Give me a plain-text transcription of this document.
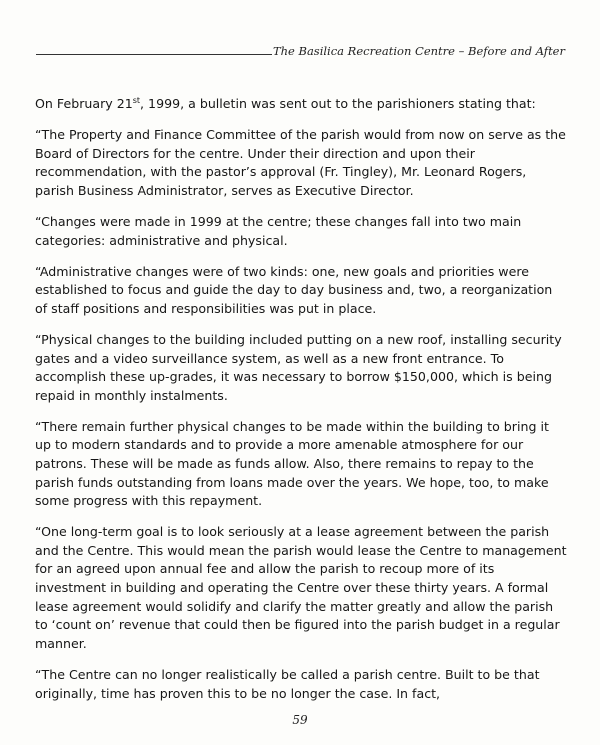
The Basilica Recreation Centre – Before and After

On February 21st, 1999, a bulletin was sent out to the parishioners stating that:

“The Property and Finance Committee of the parish would from now on serve as the Board of Directors for the centre. Under their direction and upon their recommendation, with the pastor’s approval (Fr. Tingley), Mr. Leonard Rogers, parish Business Administrator, serves as Executive Director.

“Changes were made in 1999 at the centre; these changes fall into two main categories: administrative and physical.

“Administrative changes were of two kinds: one, new goals and priorities were established to focus and guide the day to day business and, two, a reorganization of staff positions and responsibilities was put in place.

“Physical changes to the building included putting on a new roof, installing security gates and a video surveillance system, as well as a new front entrance. To accomplish these up-grades, it was necessary to borrow $150,000, which is being repaid in monthly instalments.

“There remain further physical changes to be made within the building to bring it up to modern standards and to provide a more amenable atmosphere for our patrons. These will be made as funds allow. Also, there remains to repay to the parish funds outstanding from loans made over the years. We hope, too, to make some progress with this repayment.

“One long-term goal is to look seriously at a lease agreement between the parish and the Centre. This would mean the parish would lease the Centre to management for an agreed upon annual fee and allow the parish to recoup more of its investment in building and operating the Centre over these thirty years. A formal lease agreement would solidify and clarify the matter greatly and allow the parish to ‘count on’ revenue that could then be figured into the parish budget in a regular manner.

“The Centre can no longer realistically be called a parish centre. Built to be that originally, time has proven this to be no longer the case. In fact,

59
